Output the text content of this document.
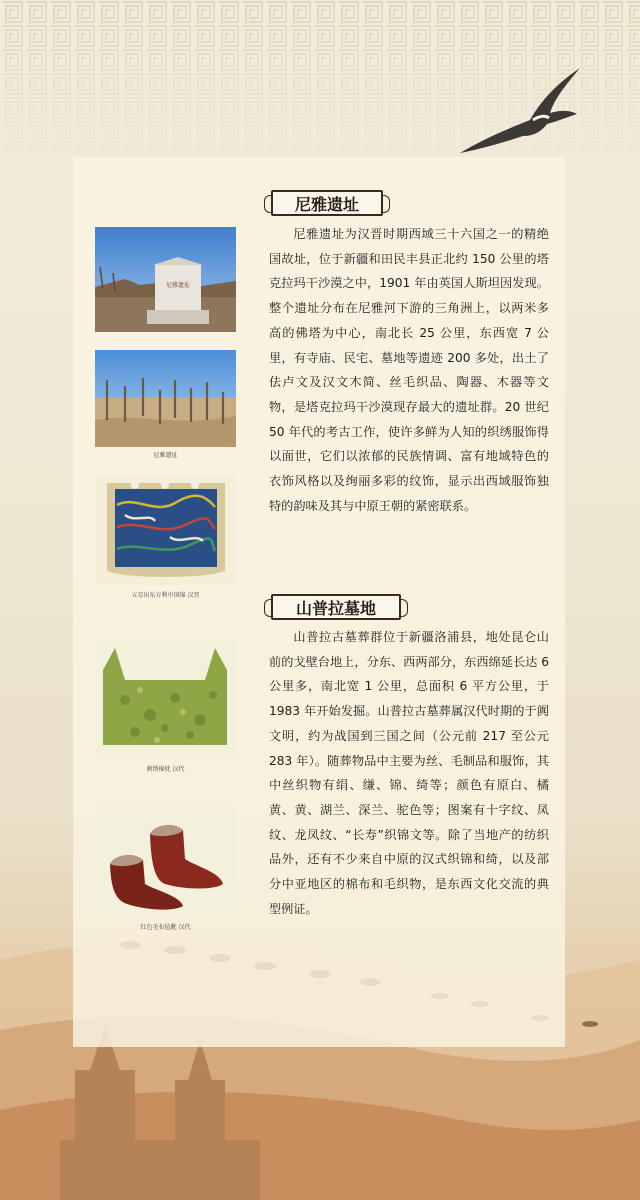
尼雅遗址
尼雅遗址
五星出东方利中国锦 汉晋
刺绣棉枕 汉代
红色毛布毡靴 汉代
尼雅遗址
尼雅遗址为汉晋时期西域三十六国之一的精绝国故址，位于新疆和田民丰县正北约 150 公里的塔克拉玛干沙漠之中，1901 年由英国人斯坦因发现。整个遗址分布在尼雅河下游的三角洲上，以两米多高的佛塔为中心，南北长 25 公里，东西宽 7 公里，有寺庙、民宅、墓地等遗迹 200 多处，出土了佉卢文及汉文木简、丝毛织品、陶器、木器等文物，是塔克拉玛干沙漠现存最大的遗址群。20 世纪 50 年代的考古工作，使许多鲜为人知的织绣服饰得以面世，它们以浓郁的民族情调、富有地域特色的衣饰风格以及绚丽多彩的纹饰，显示出西域服饰独特的韵味及其与中原王朝的紧密联系。
山普拉墓地
山普拉古墓葬群位于新疆洛浦县，地处昆仑山前的戈壁台地上，分东、西两部分，东西绵延长达 6 公里多，南北宽 1 公里，总面积 6 平方公里，于 1983 年开始发掘。山普拉古墓葬属汉代时期的于阗文明，约为战国到三国之间（公元前 217 至公元 283 年）。随葬物品中主要为丝、毛制品和服饰，其中丝织物有绢、缣、锦、绮等；颜色有原白、橘黄、黄、湖兰、深兰、驼色等；图案有十字纹、凤纹、龙凤纹、“长寿”织锦文等。除了当地产的纺织品外，还有不少来自中原的汉式织锦和绮，以及部分中亚地区的棉布和毛织物，是东西文化交流的典型例证。
